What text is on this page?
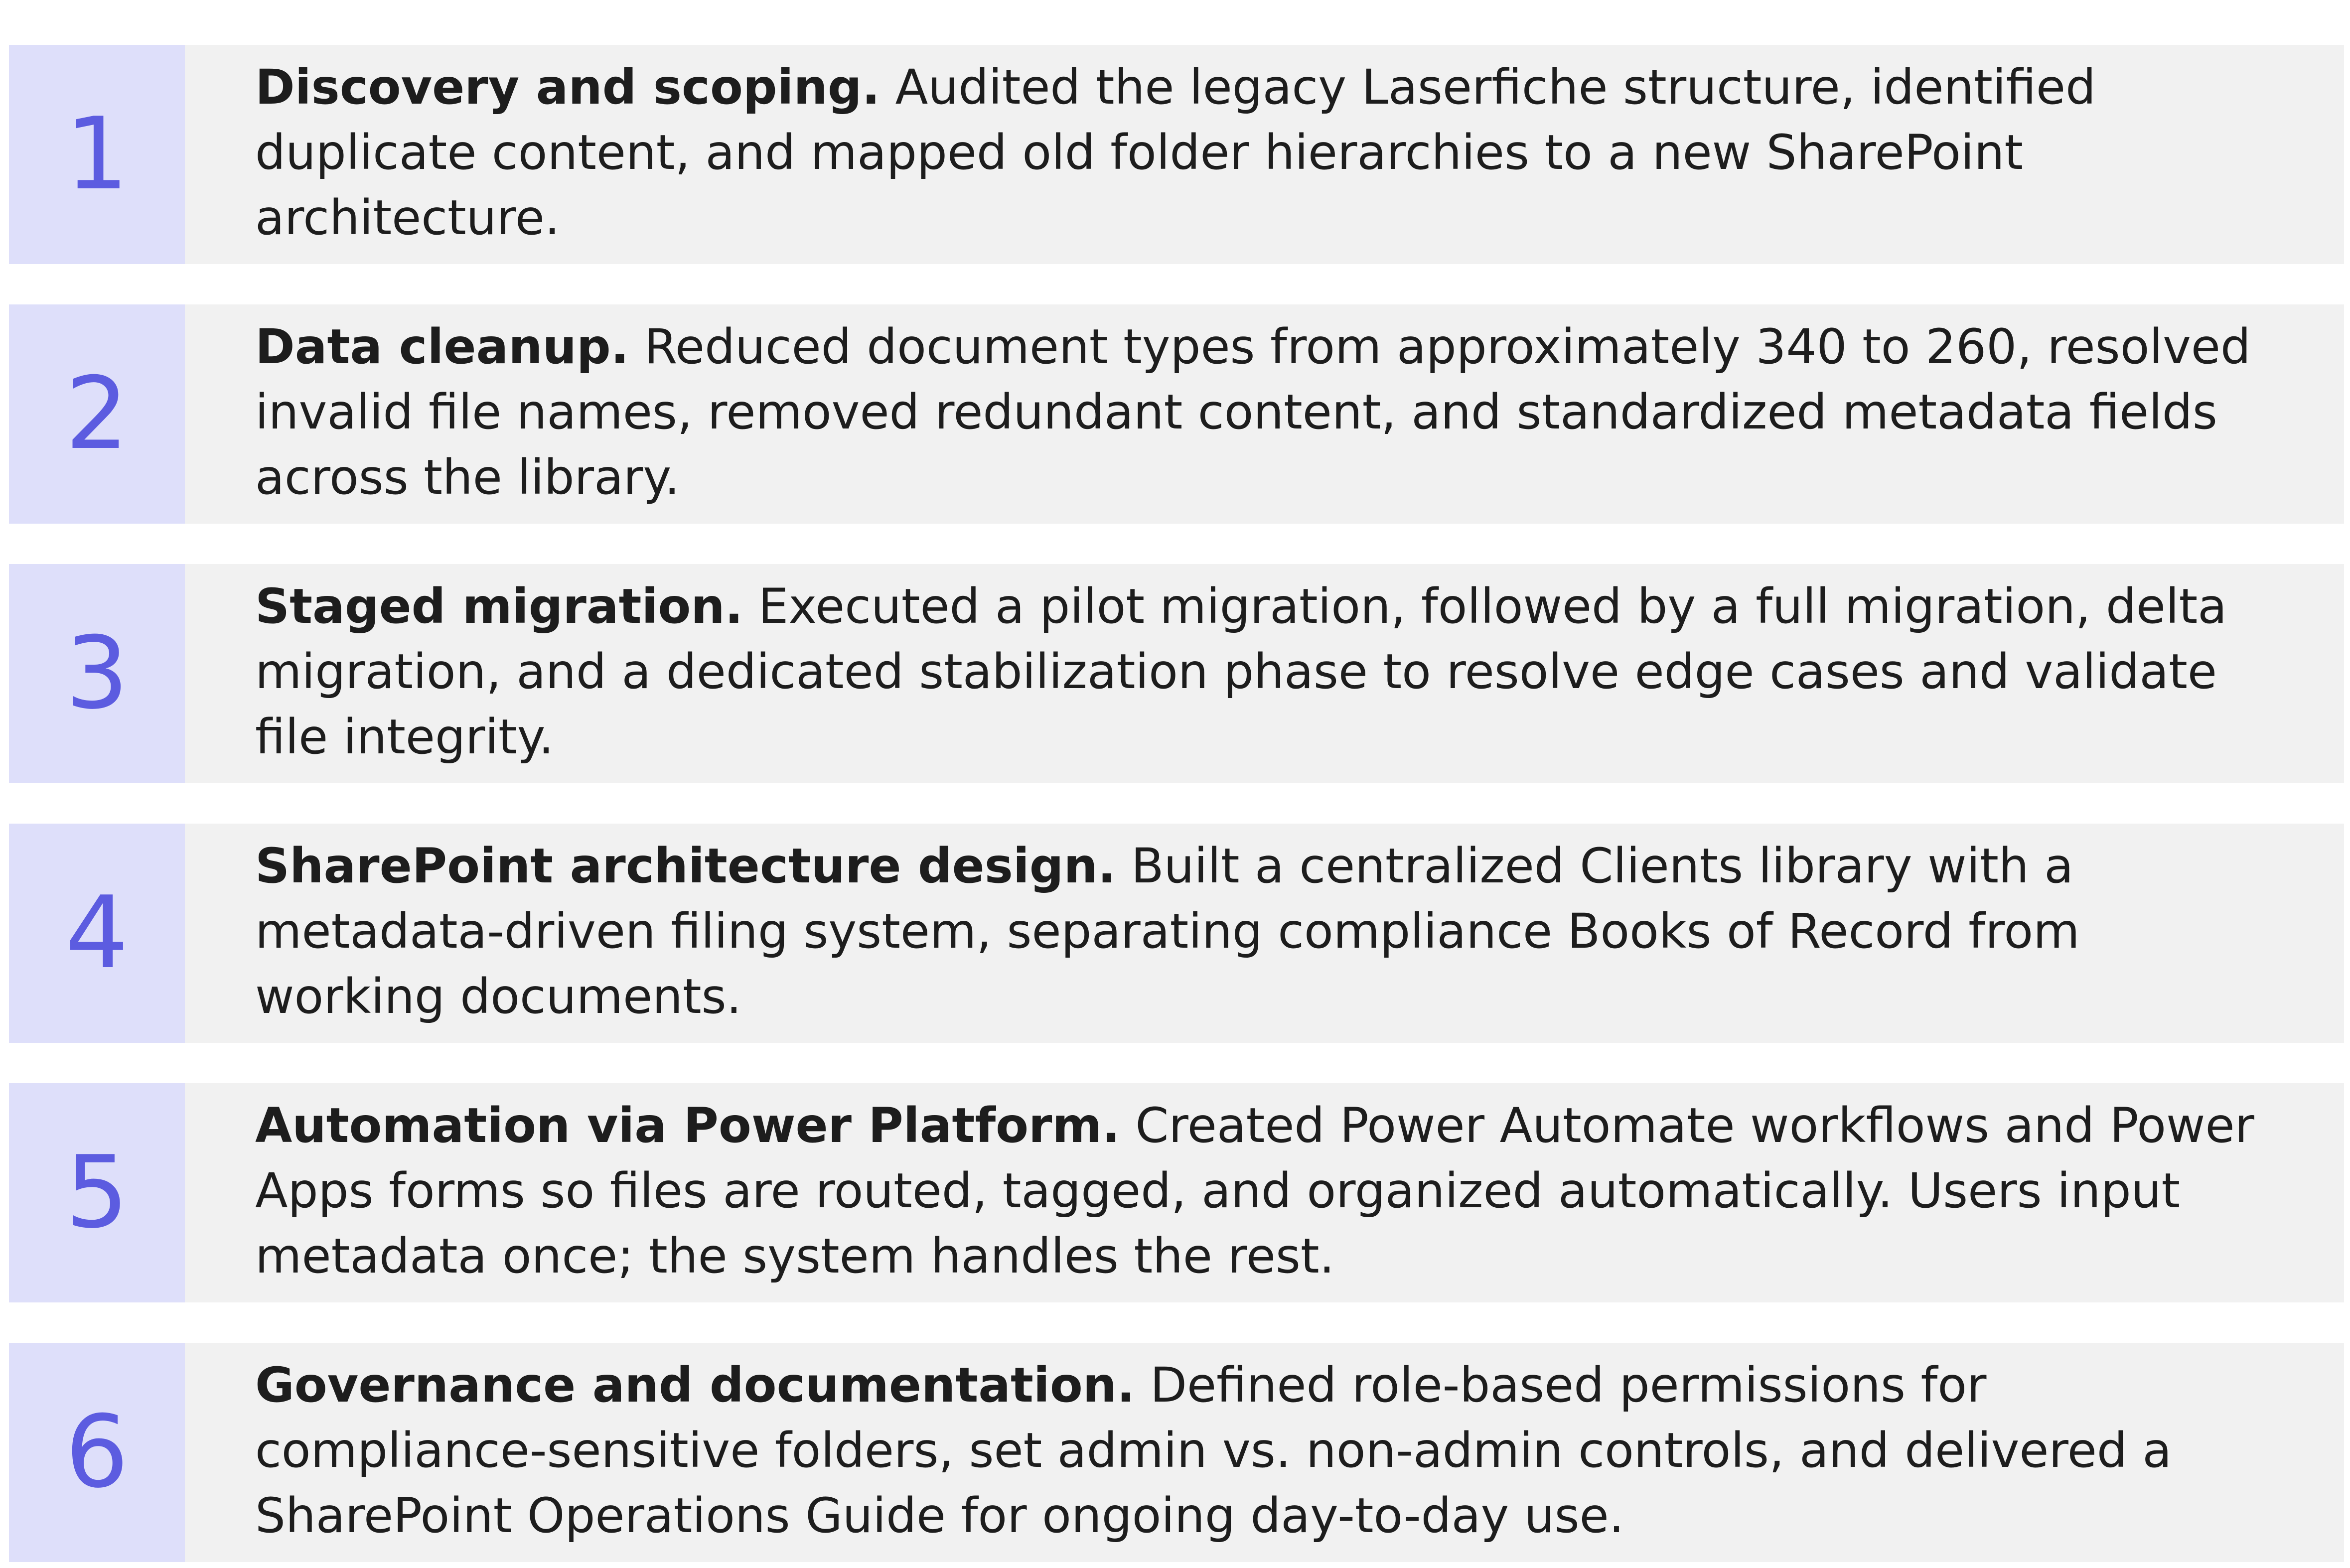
1
Discovery and scoping. Audited the legacy Laserfiche structure, identified duplicate content, and mapped old folder hierarchies to a new SharePoint architecture.
2
Data cleanup. Reduced document types from approximately 340 to 260, resolved invalid file names, removed redundant content, and standardized metadata fields across the library.
3
Staged migration. Executed a pilot migration, followed by a full migration, delta migration, and a dedicated stabilization phase to resolve edge cases and validate file integrity.
4
SharePoint architecture design. Built a centralized Clients library with a metadata-driven filing system, separating compliance Books of Record from working documents.
5
Automation via Power Platform. Created Power Automate workflows and Power Apps forms so files are routed, tagged, and organized automatically. Users input metadata once; the system handles the rest.
6
Governance and documentation. Defined role-based permissions for compliance-sensitive folders, set admin vs. non-admin controls, and delivered a SharePoint Operations Guide for ongoing day-to-day use.
